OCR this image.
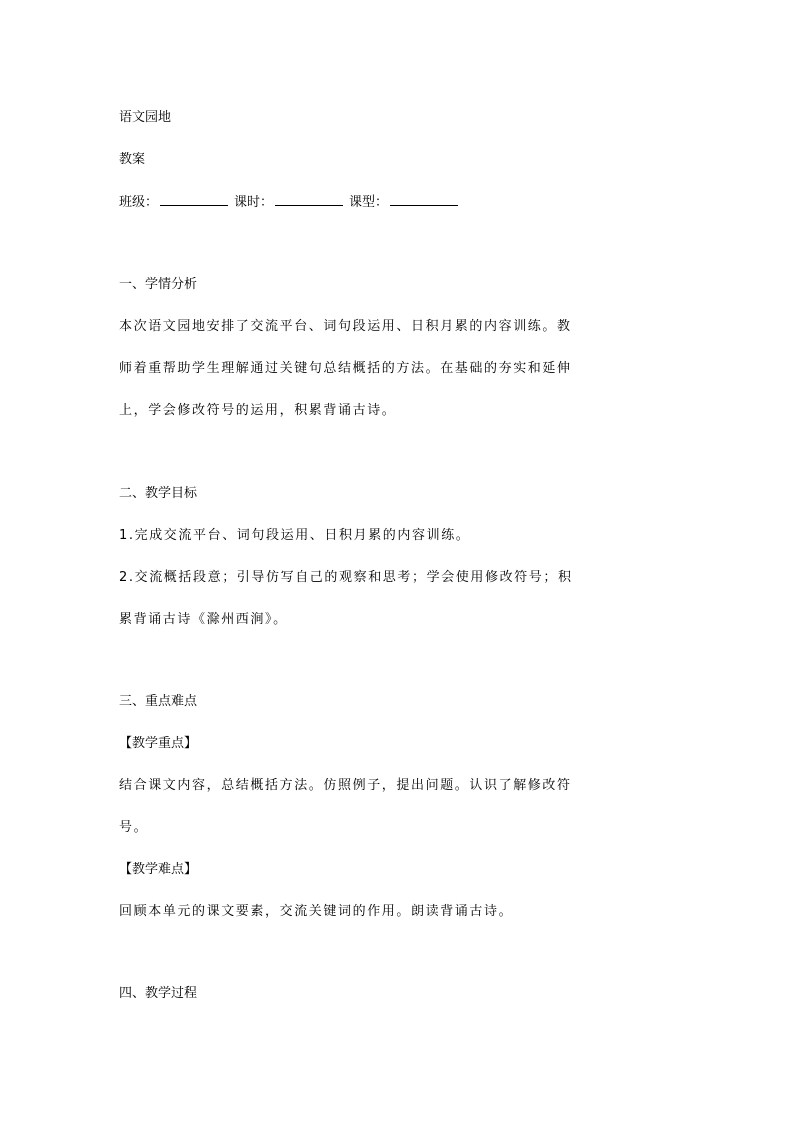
语文园地
教案
班级：	课时：	课型：
一、学情分析
本次语文园地安排了交流平台、词句段运用、日积月累的内容训练。教
师着重帮助学生理解通过关键句总结概括的方法。在基础的夯实和延伸
上，学会修改符号的运用，积累背诵古诗。
二、教学目标
1.完成交流平台、词句段运用、日积月累的内容训练。
2.交流概括段意；引导仿写自己的观察和思考；学会使用修改符号；积
累背诵古诗《滁州西涧》。
三、重点难点
【教学重点】
结合课文内容，总结概括方法。仿照例子，提出问题。认识了解修改符
号。
【教学难点】
回顾本单元的课文要素，交流关键词的作用。朗读背诵古诗。
四、教学过程
